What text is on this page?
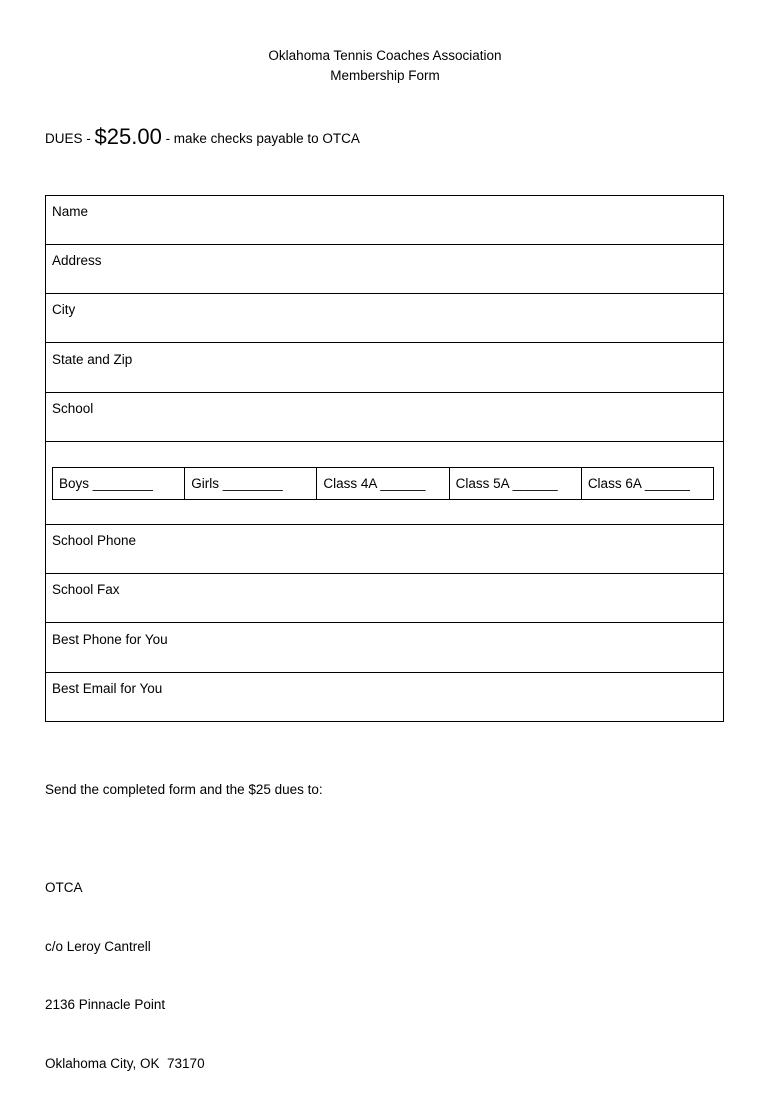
Oklahoma Tennis Coaches Association
Membership Form
DUES - $25.00 - make checks payable to OTCA
Name
Address
City
State and Zip
School
Boys ________	Girls ________	Class 4A ______	Class 5A ______	Class 6A ______
School Phone
School Fax
Best Phone for You
Best Email for You
Send the completed form and the $25 dues to:

OTCA

c/o Leroy Cantrell

2136 Pinnacle Point

Oklahoma City, OK  73170
